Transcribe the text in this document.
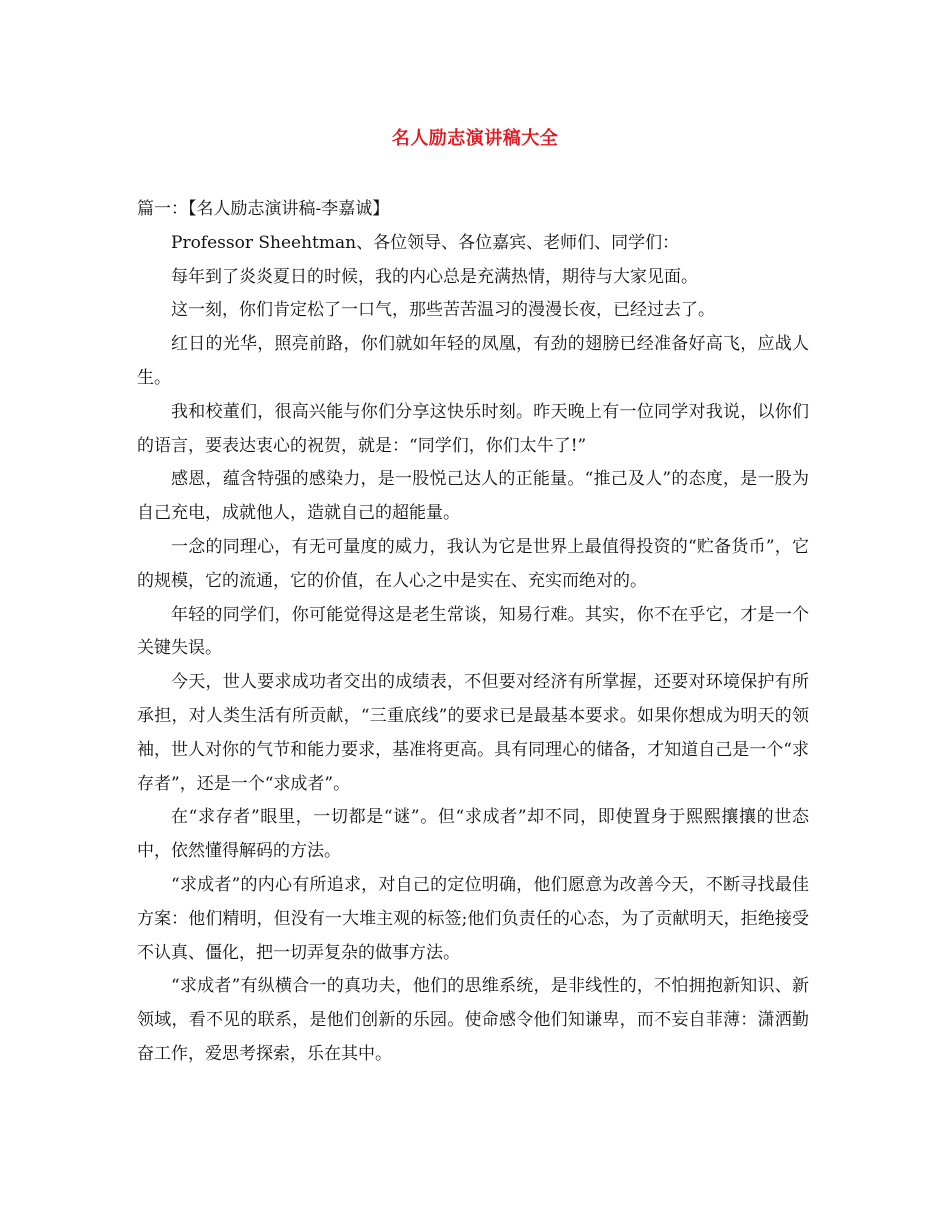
名人励志演讲稿大全

篇一：【名人励志演讲稿-李嘉诚】

Professor Sheehtman、各位领导、各位嘉宾、老师们、同学们：

每年到了炎炎夏日的时候，我的内心总是充满热情，期待与大家见面。

这一刻，你们肯定松了一口气，那些苦苦温习的漫漫长夜，已经过去了。

红日的光华，照亮前路，你们就如年轻的凤凰，有劲的翅膀已经准备好高飞，应战人生。

我和校董们，很高兴能与你们分享这快乐时刻。昨天晚上有一位同学对我说，以你们的语言，要表达衷心的祝贺，就是：“同学们，你们太牛了!”

感恩，蕴含特强的感染力，是一股悦己达人的正能量。“推己及人”的态度，是一股为自己充电，成就他人，造就自己的超能量。

一念的同理心，有无可量度的威力，我认为它是世界上最值得投资的“贮备货币”，它的规模，它的流通，它的价值，在人心之中是实在、充实而绝对的。

年轻的同学们，你可能觉得这是老生常谈，知易行难。其实，你不在乎它，才是一个关键失误。

今天，世人要求成功者交出的成绩表，不但要对经济有所掌握，还要对环境保护有所承担，对人类生活有所贡献，“三重底线”的要求已是最基本要求。如果你想成为明天的领袖，世人对你的气节和能力要求，基准将更高。具有同理心的储备，才知道自己是一个“求存者”，还是一个“求成者”。

在“求存者”眼里，一切都是“谜”。但“求成者”却不同，即使置身于熙熙攘攘的世态中，依然懂得解码的方法。

“求成者”的内心有所追求，对自己的定位明确，他们愿意为改善今天，不断寻找最佳方案：他们精明，但没有一大堆主观的标签;他们负责任的心态，为了贡献明天，拒绝接受不认真、僵化，把一切弄复杂的做事方法。

“求成者”有纵横合一的真功夫，他们的思维系统，是非线性的，不怕拥抱新知识、新领域，看不见的联系，是他们创新的乐园。使命感令他们知谦卑，而不妄自菲薄：潇洒勤奋工作，爱思考探索，乐在其中。
